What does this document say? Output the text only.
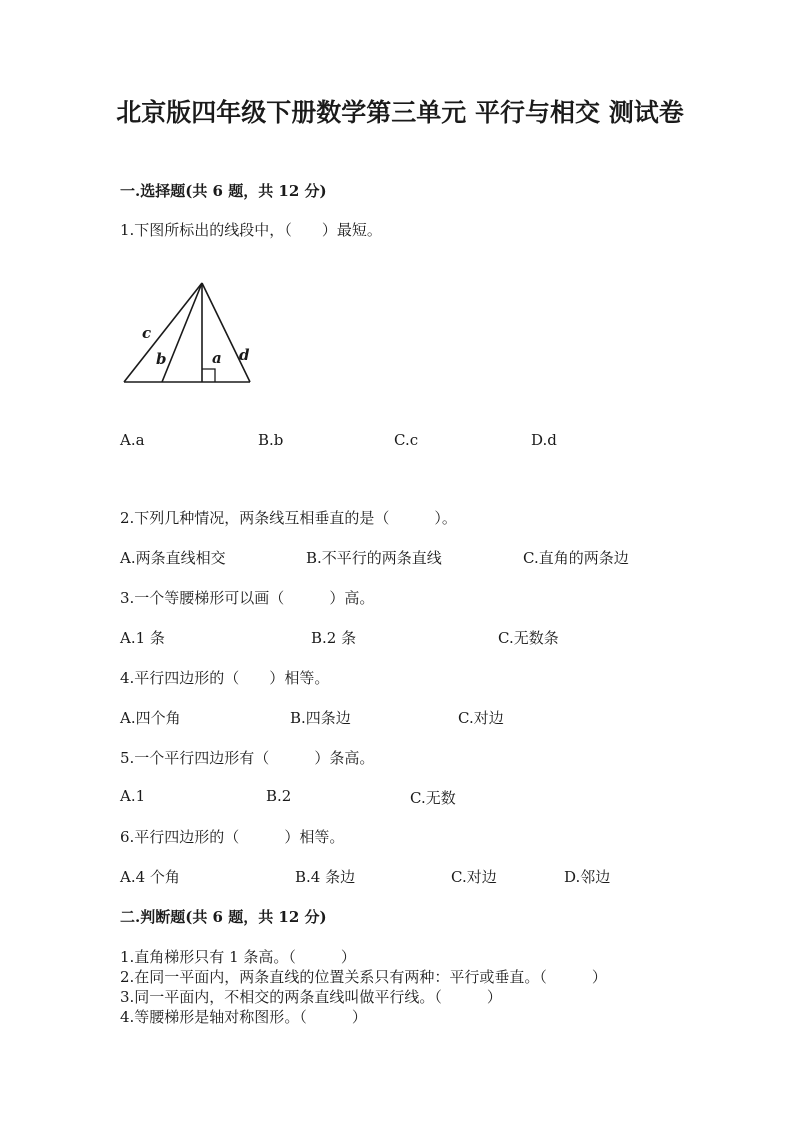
北京版四年级下册数学第三单元 平行与相交 测试卷
一.选择题(共 6 题，共 12 分)
1.下图所标出的线段中，（　　）最短。
c
b	a d
A.a	B.b	C.c	D.d
2.下列几种情况，两条线互相垂直的是（　　　）。
A.两条直线相交	B.不平行的两条直线	C.直角的两条边
3.一个等腰梯形可以画（　　　）高。
A.1 条	B.2 条	C.无数条
4.平行四边形的（　　）相等。
A.四个角	B.四条边	C.对边
5.一个平行四边形有（　　　）条高。
A.1	B.2	C.无数
6.平行四边形的（　　　）相等。
A.4 个角	B.4 条边	C.对边	D.邻边
二.判断题(共 6 题，共 12 分)
1.直角梯形只有 1 条高。（　　　）
2.在同一平面内，两条直线的位置关系只有两种：平行或垂直。（　　　）
3.同一平面内，不相交的两条直线叫做平行线。（　　　）
4.等腰梯形是轴对称图形。（　　　）
